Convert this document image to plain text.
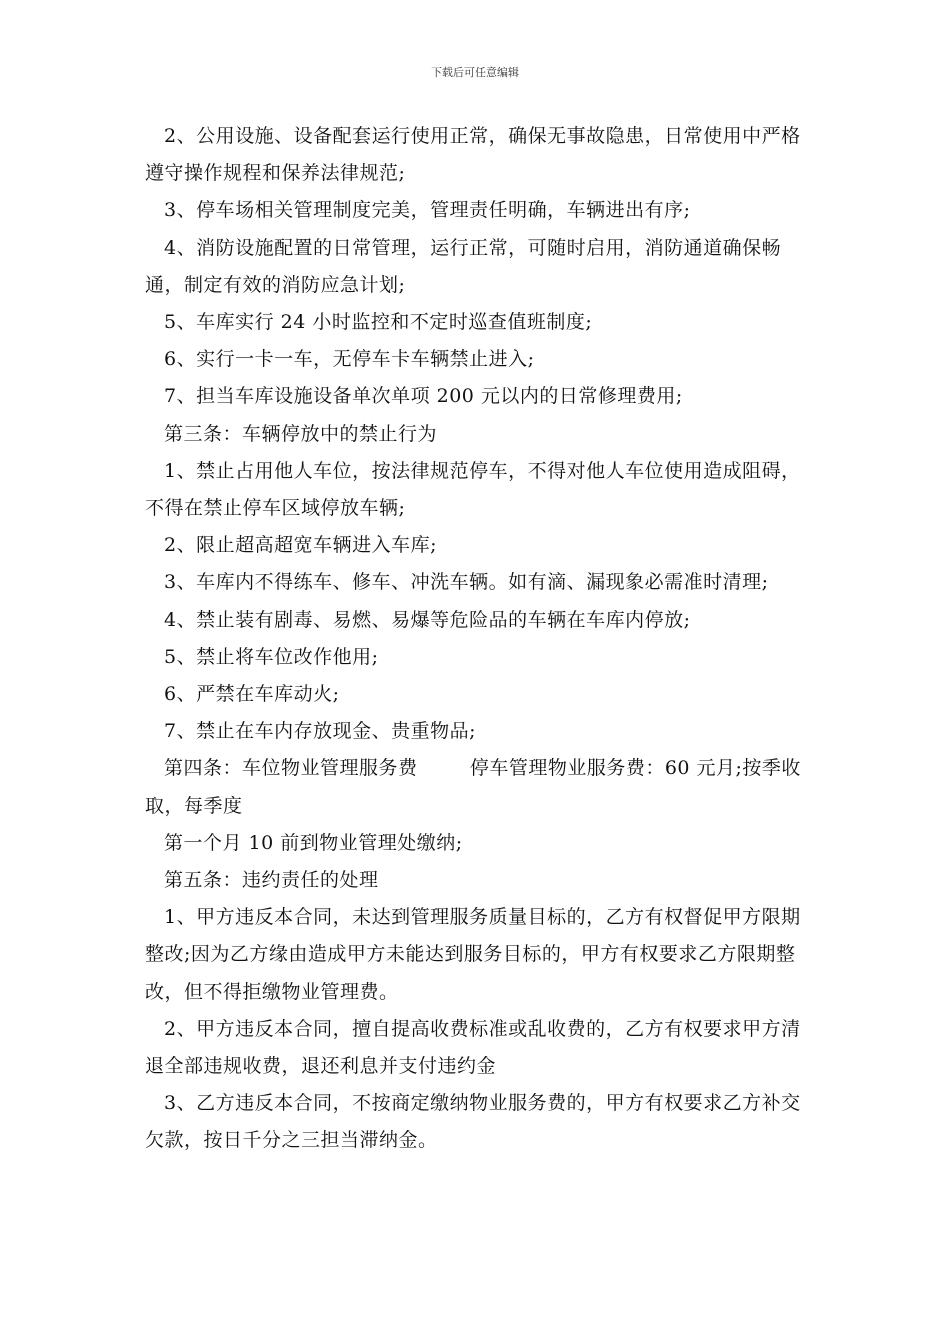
下载后可任意编辑

2、公用设施、设备配套运行使用正常，确保无事故隐患，日常使用中严格遵守操作规程和保养法律规范;

3、停车场相关管理制度完美，管理责任明确，车辆进出有序;

4、消防设施配置的日常管理，运行正常，可随时启用，消防通道确保畅通，制定有效的消防应急计划;

5、车库实行 24 小时监控和不定时巡查值班制度;

6、实行一卡一车，无停车卡车辆禁止进入;

7、担当车库设施设备单次单项 200 元以内的日常修理费用;

第三条：车辆停放中的禁止行为

1、禁止占用他人车位，按法律规范停车，不得对他人车位使用造成阻碍，不得在禁止停车区域停放车辆;

2、限止超高超宽车辆进入车库;

3、车库内不得练车、修车、冲洗车辆。如有滴、漏现象必需准时清理;

4、禁止装有剧毒、易燃、易爆等危险品的车辆在车库内停放;

5、禁止将车位改作他用;

6、严禁在车库动火;

7、禁止在车内存放现金、贵重物品;

第四条：车位物业管理服务费        停车管理物业服务费：60 元月;按季收取，每季度

第一个月 10 前到物业管理处缴纳;

第五条：违约责任的处理

1、甲方违反本合同，未达到管理服务质量目标的，乙方有权督促甲方限期整改;因为乙方缘由造成甲方未能达到服务目标的，甲方有权要求乙方限期整改，但不得拒缴物业管理费。

2、甲方违反本合同，擅自提高收费标准或乱收费的，乙方有权要求甲方清退全部违规收费，退还利息并支付违约金

3、乙方违反本合同，不按商定缴纳物业服务费的，甲方有权要求乙方补交欠款，按日千分之三担当滞纳金。
